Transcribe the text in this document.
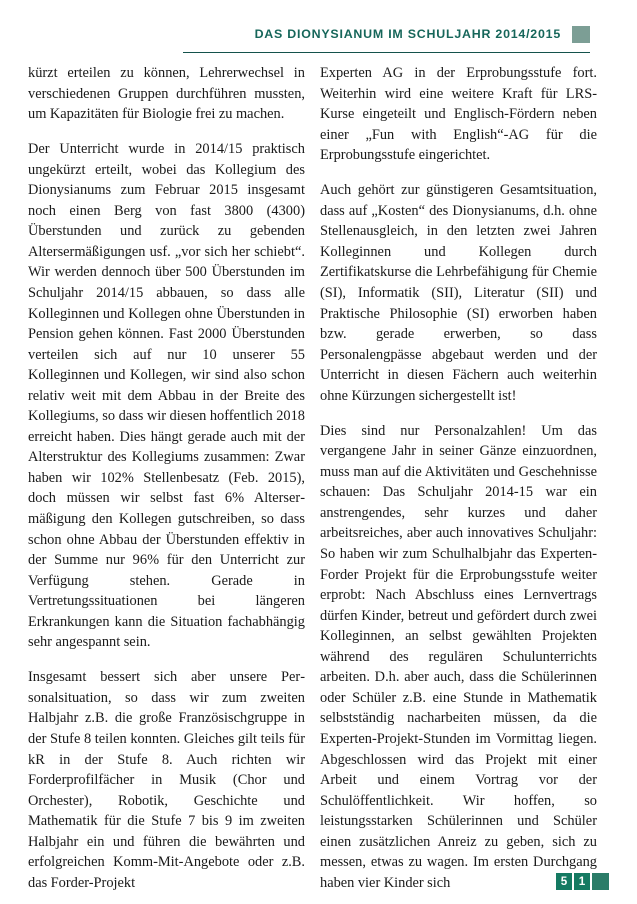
DAS DIONYSIANUM IM SCHULJAHR 2014/2015

kürzt erteilen zu können, Lehrerwechsel in verschiedenen Gruppen durchführen mussten, um Kapazitäten für Biologie frei zu machen.

Der Unterricht wurde in 2014/15 praktisch ungekürzt erteilt, wobei das Kollegium des Dionysianums zum Februar 2015 insgesamt noch einen Berg von fast 3800 (4300) Überstunden und zurück zu gebenden Altersermäßigungen usf. „vor sich her schiebt“. Wir werden dennoch über 500 Überstunden im Schuljahr 2014/15 abbauen, so dass alle Kolleginnen und Kollegen ohne Überstunden in Pension gehen können. Fast 2000 Überstunden verteilen sich auf nur 10 unserer 55 Kolleginnen und Kollegen, wir sind also schon relativ weit mit dem Abbau in der Breite des Kollegiums, so dass wir diesen hoffentlich 2018 erreicht haben. Dies hängt gerade auch mit der Alterstruktur des Kollegiums zusammen: Zwar haben wir 102% Stellenbesatz (Feb. 2015), doch müssen wir selbst fast 6% Altersermäßigung den Kollegen gutschreiben, so dass schon ohne Abbau der Überstunden effektiv in der Summe nur 96% für den Unterricht zur Verfügung stehen. Gerade in Vertretungssituationen bei längeren Erkrankungen kann die Situation fachabhängig sehr angespannt sein.

Insgesamt bessert sich aber unsere Personalsituation, so dass wir zum zweiten Halbjahr z.B. die große Französischgruppe in der Stufe 8 teilen konnten. Gleiches gilt teils für kR in der Stufe 8. Auch richten wir Forderprofilfächer in Musik (Chor und Orchester), Robotik, Geschichte und Mathematik für die Stufe 7 bis 9 im zweiten Halbjahr ein und führen die bewährten und erfolgreichen Komm-Mit-Angebote oder z.B. das Forder-Projekt

Experten AG in der Erprobungsstufe fort. Weiterhin wird eine weitere Kraft für LRS-Kurse eingeteilt und Englisch-Fördern neben einer „Fun with English“-AG für die Erprobungsstufe eingerichtet.

Auch gehört zur günstigeren Gesamtsituation, dass auf „Kosten“ des Dionysianums, d.h. ohne Stellenausgleich, in den letzten zwei Jahren Kolleginnen und Kollegen durch Zertifikatskurse die Lehrbefähigung für Chemie (SI), Informatik (SII), Literatur (SII) und Praktische Philosophie (SI) erworben haben bzw. gerade erwerben, so dass Personalengpässe abgebaut werden und der Unterricht in diesen Fächern auch weiterhin ohne Kürzungen sichergestellt ist!

Dies sind nur Personalzahlen! Um das vergangene Jahr in seiner Gänze einzuordnen, muss man auf die Aktivitäten und Geschehnisse schauen: Das Schuljahr 2014-15 war ein anstrengendes, sehr kurzes und daher arbeitsreiches, aber auch innovatives Schuljahr: So haben wir zum Schulhalbjahr das Experten-Forder Projekt für die Erprobungsstufe weiter erprobt: Nach Abschluss eines Lernvertrags dürfen Kinder, betreut und gefördert durch zwei Kolleginnen, an selbst gewählten Projekten während des regulären Schulunterrichts arbeiten. D.h. aber auch, dass die Schülerinnen oder Schüler z.B. eine Stunde in Mathematik selbstständig nacharbeiten müssen, da die Experten-Projekt-Stunden im Vormittag liegen. Abgeschlossen wird das Projekt mit einer Arbeit und einem Vortrag vor der Schulöffentlichkeit. Wir hoffen, so leistungsstarken Schülerinnen und Schüler einen zusätzlichen Anreiz zu geben, sich zu messen, etwas zu wagen. Im ersten Durchgang haben vier Kinder sich	5 1
